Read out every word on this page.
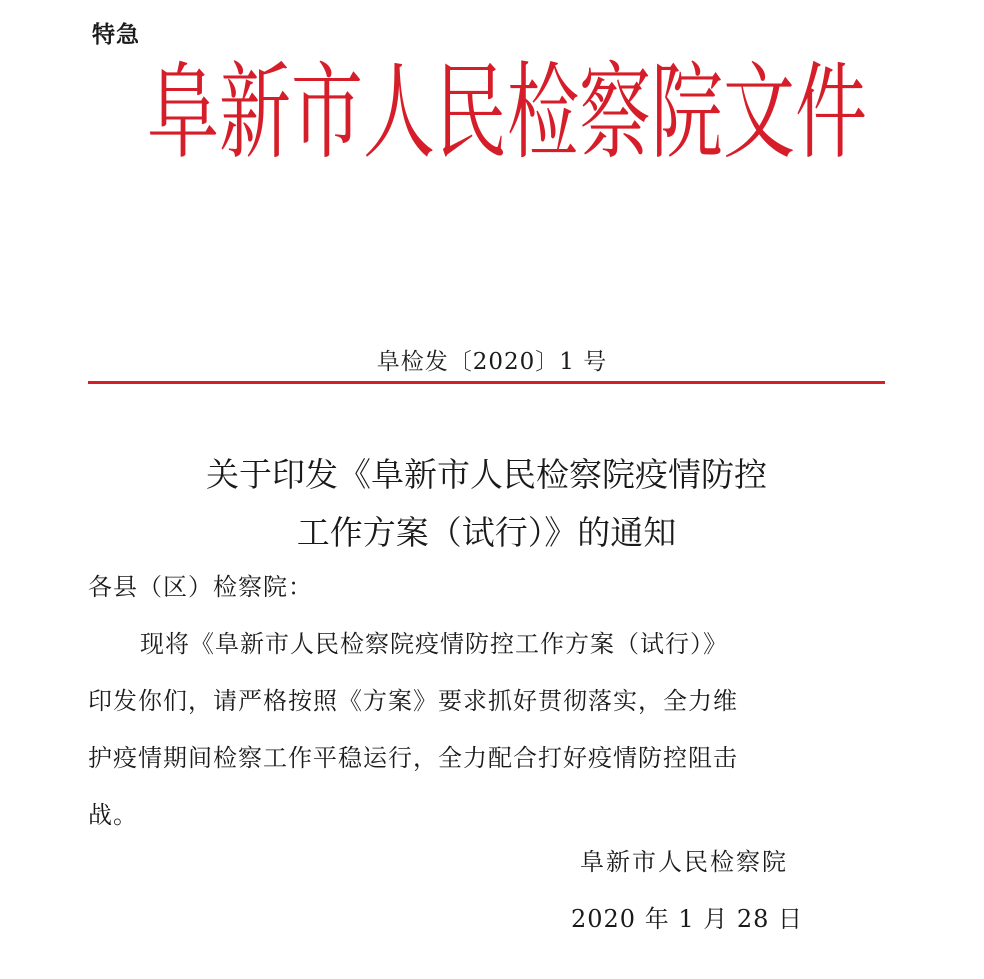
特急
阜新市人民检察院文件
阜检发〔2020〕1 号
关于印发《阜新市人民检察院疫情防控
工作方案（试行）》的通知
各县（区）检察院：
现将《阜新市人民检察院疫情防控工作方案（试行）》
印发你们，请严格按照《方案》要求抓好贯彻落实，全力维
护疫情期间检察工作平稳运行，全力配合打好疫情防控阻击
战。
阜新市人民检察院
2020 年 1 月 28 日
